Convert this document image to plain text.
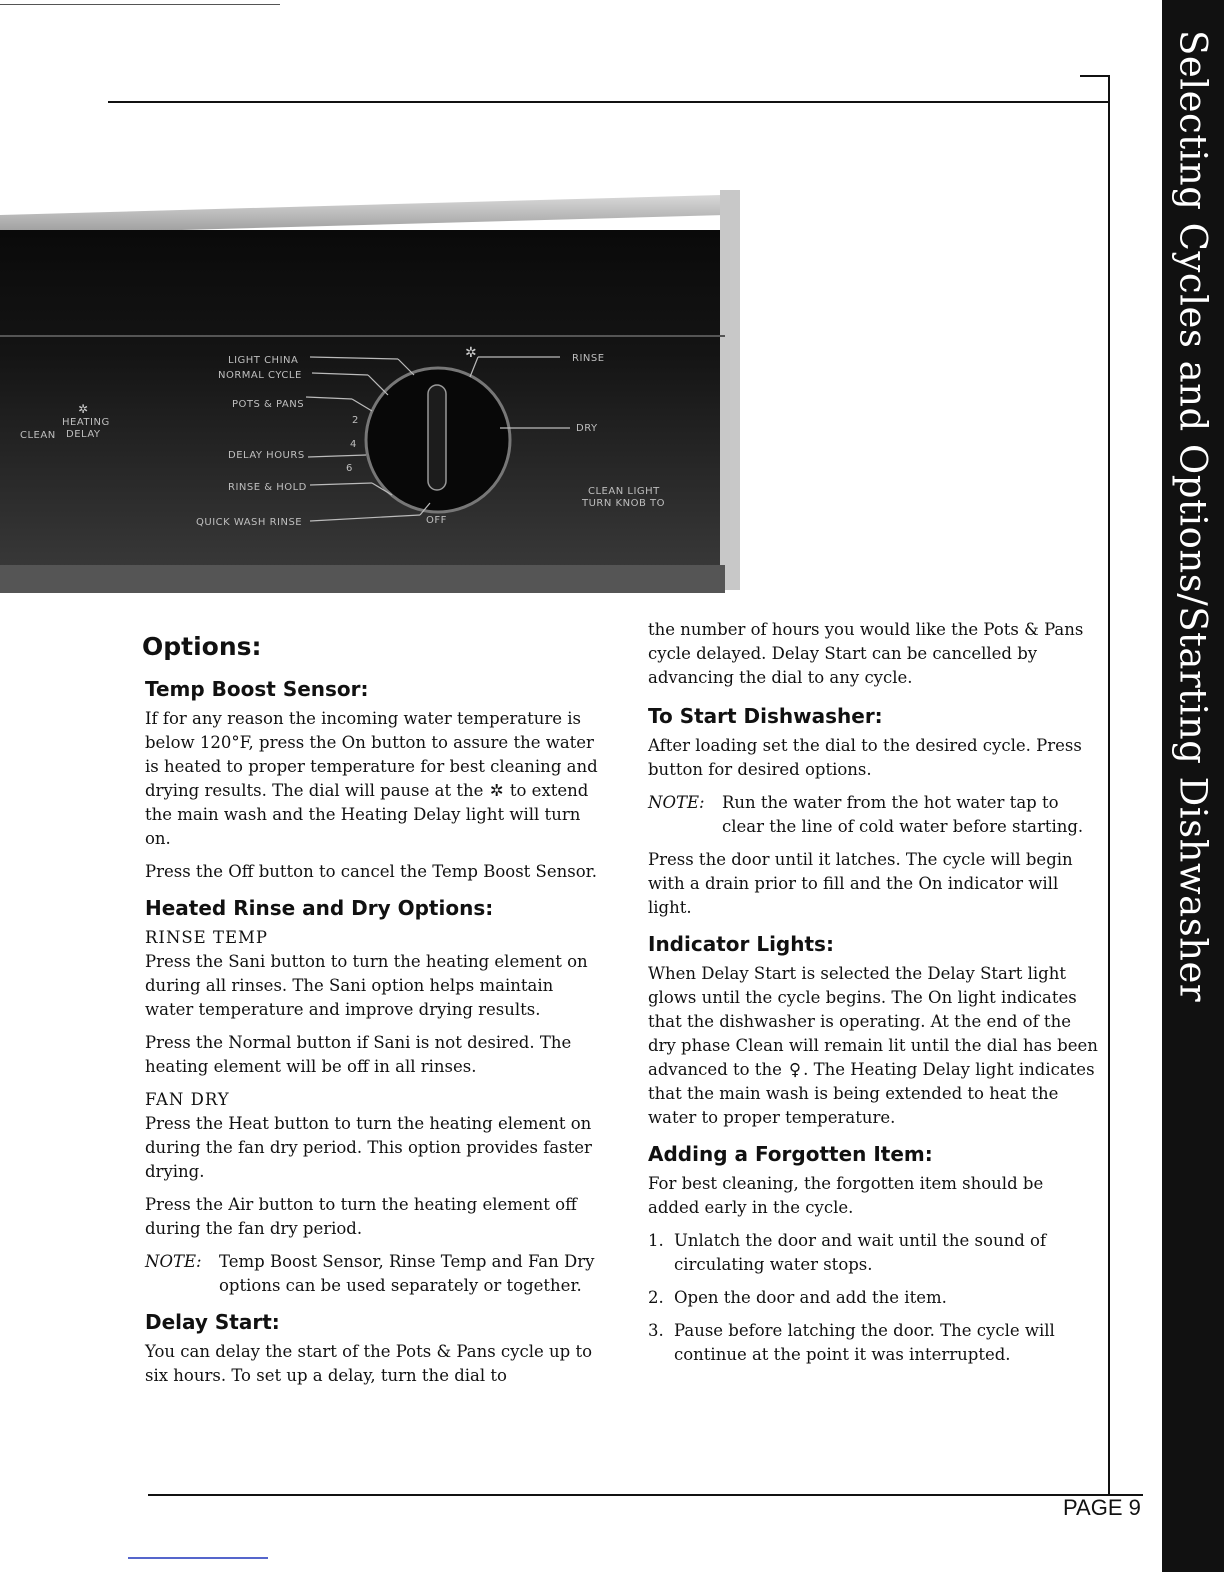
Selecting Cycles and Options/Starting Dishwasher
LIGHT CHINA
NORMAL CYCLE
POTS & PANS
DELAY HOURS
RINSE & HOLD
QUICK WASH RINSE
RINSE
DRY
HEATING
CLEAN DELAY
CLEAN LIGHT
TURN KNOB TO
OFF
2
4
6
✲
✲
Options:
Temp Boost Sensor:

If for any reason the incoming water temperature is below 120°F, press the On button to assure the water is heated to proper temperature for best cleaning and drying results. The dial will pause at the ✲ to extend the main wash and the Heating Delay light will turn on.

Press the Off button to cancel the Temp Boost Sensor.

Heated Rinse and Dry Options:
RINSE TEMP

Press the Sani button to turn the heating element on during all rinses. The Sani option helps maintain water temperature and improve drying results.

Press the Normal button if Sani is not desired. The heating element will be off in all rinses.

FAN DRY

Press the Heat button to turn the heating element on during the fan dry period. This option provides faster drying.

Press the Air button to turn the heating element off during the fan dry period.

NOTE:	Temp Boost Sensor, Rinse Temp and Fan Dry options can be used separately or together.

Delay Start:

You can delay the start of the Pots & Pans cycle up to six hours. To set up a delay, turn the dial to

the number of hours you would like the Pots & Pans cycle delayed. Delay Start can be cancelled by advancing the dial to any cycle.

To Start Dishwasher:

After loading set the dial to the desired cycle. Press button for desired options.

NOTE:	Run the water from the hot water tap to clear the line of cold water before starting.

Press the door until it latches. The cycle will begin with a drain prior to fill and the On indicator will light.

Indicator Lights:

When Delay Start is selected the Delay Start light glows until the cycle begins. The On light indicates that the dishwasher is operating. At the end of the dry phase Clean will remain lit until the dial has been advanced to the ♀ . The Heating Delay light indicates that the main wash is being extended to heat the water to proper temperature.

Adding a Forgotten Item:

For best cleaning, the forgotten item should be added early in the cycle.

1. Unlatch the door and wait until the sound of circulating water stops.

2. Open the door and add the item.

3. Pause before latching the door. The cycle will continue at the point it was interrupted.

PAGE 9
